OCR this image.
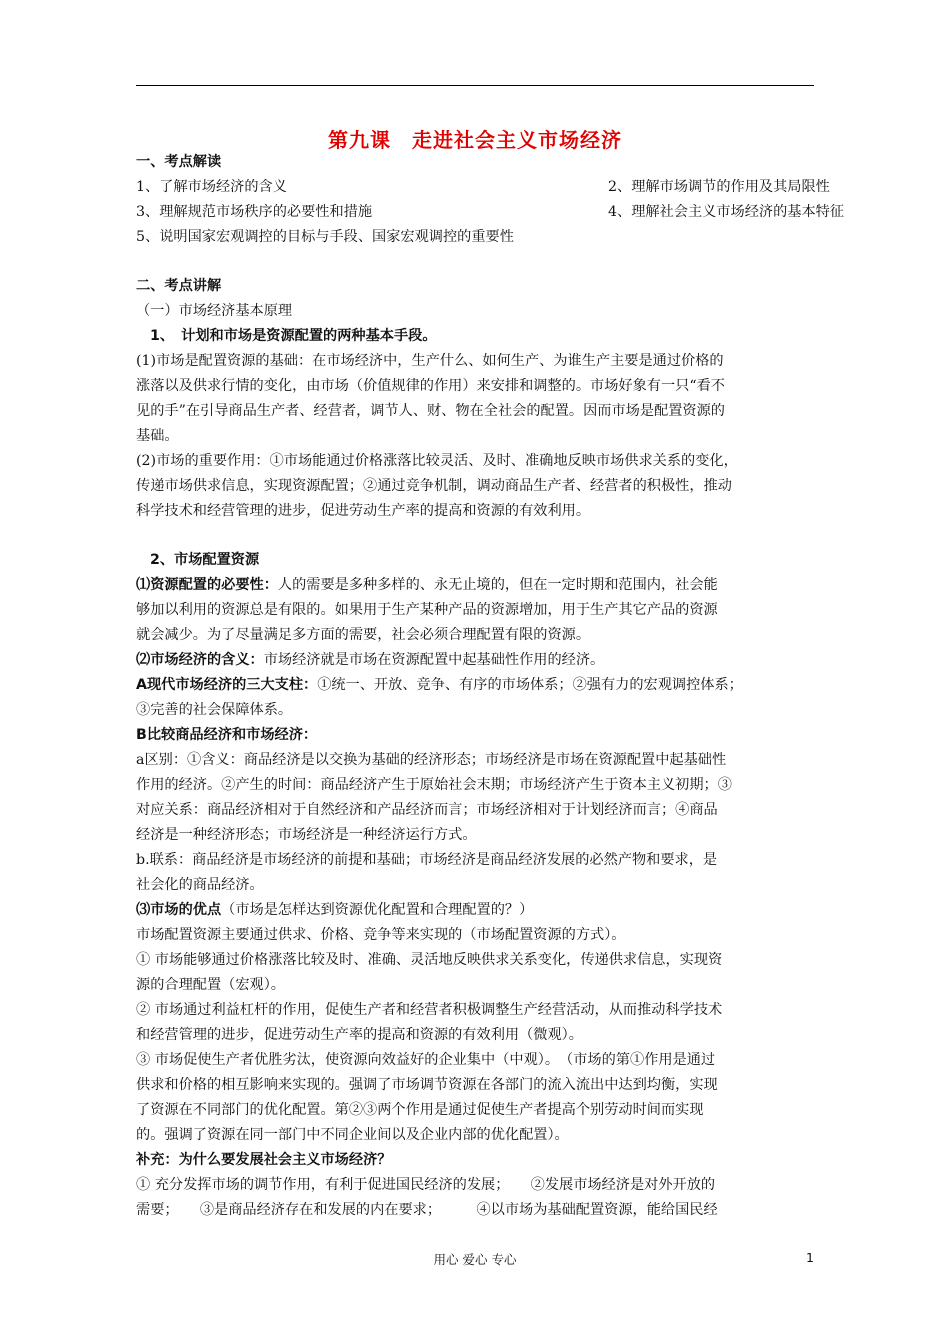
第九课　走进社会主义市场经济
一、考点解读
1、了解市场经济的含义	2、理解市场调节的作用及其局限性
3、理解规范市场秩序的必要性和措施	4、理解社会主义市场经济的基本特征
5、说明国家宏观调控的目标与手段、国家宏观调控的重要性
二、考点讲解
（一）市场经济基本原理
1、　计划和市场是资源配置的两种基本手段。
(1)市场是配置资源的基础：在市场经济中，生产什么、如何生产、为谁生产主要是通过价格的
涨落以及供求行情的变化，由市场（价值规律的作用）来安排和调整的。市场好象有一只“看不
见的手”在引导商品生产者、经营者，调节人、财、物在全社会的配置。因而市场是配置资源的
基础。
(2)市场的重要作用：①市场能通过价格涨落比较灵活、及时、准确地反映市场供求关系的变化，
传递市场供求信息，实现资源配置；②通过竞争机制，调动商品生产者、经营者的积极性，推动
科学技术和经营管理的进步，促进劳动生产率的提高和资源的有效利用。
2、市场配置资源
⑴资源配置的必要性：人的需要是多种多样的、永无止境的，但在一定时期和范围内，社会能
够加以利用的资源总是有限的。如果用于生产某种产品的资源增加，用于生产其它产品的资源
就会减少。为了尽量满足多方面的需要，社会必须合理配置有限的资源。
⑵市场经济的含义：市场经济就是市场在资源配置中起基础性作用的经济。
A现代市场经济的三大支柱：①统一、开放、竞争、有序的市场体系；②强有力的宏观调控体系；
③完善的社会保障体系。
B比较商品经济和市场经济：
a区别：①含义：商品经济是以交换为基础的经济形态；市场经济是市场在资源配置中起基础性
作用的经济。②产生的时间：商品经济产生于原始社会末期；市场经济产生于资本主义初期；③
对应关系：商品经济相对于自然经济和产品经济而言；市场经济相对于计划经济而言；④商品
经济是一种经济形态；市场经济是一种经济运行方式。
b.联系：商品经济是市场经济的前提和基础；市场经济是商品经济发展的必然产物和要求，是
社会化的商品经济。
⑶市场的优点（市场是怎样达到资源优化配置和合理配置的？）
市场配置资源主要通过供求、价格、竞争等来实现的（市场配置资源的方式）。
① 市场能够通过价格涨落比较及时、准确、灵活地反映供求关系变化，传递供求信息，实现资
源的合理配置（宏观）。
② 市场通过利益杠杆的作用，促使生产者和经营者积极调整生产经营活动，从而推动科学技术
和经营管理的进步，促进劳动生产率的提高和资源的有效利用（微观）。
③ 市场促使生产者优胜劣汰，使资源向效益好的企业集中（中观）。　（市场的第①作用是通过
供求和价格的相互影响来实现的。强调了市场调节资源在各部门的流入流出中达到均衡，实现
了资源在不同部门的优化配置。第②③两个作用是通过促使生产者提高个别劳动时间而实现
的。强调了资源在同一部门中不同企业间以及企业内部的优化配置）。
补充：为什么要发展社会主义市场经济？
① 充分发挥市场的调节作用，有利于促进国民经济的发展；　　②发展市场经济是对外开放的
需要；　　③是商品经济存在和发展的内在要求；　　　④以市场为基础配置资源，能给国民经
用心 爱心 专心	1
